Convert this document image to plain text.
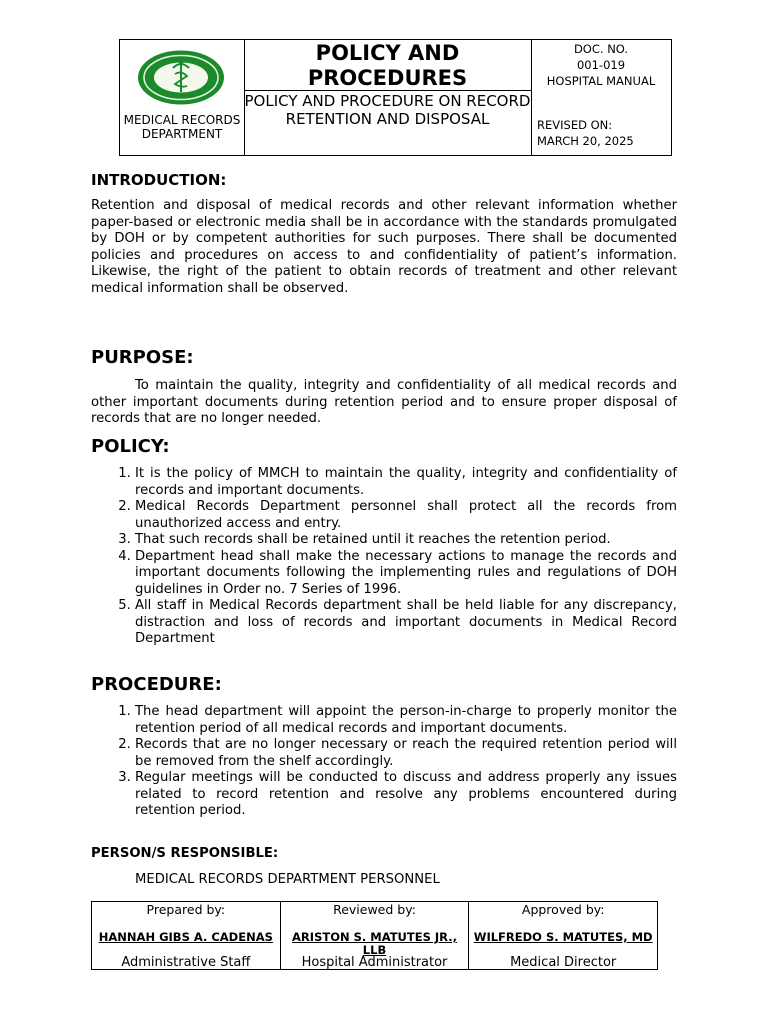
MEDICAL RECORDS DEPARTMENT
POLICY AND PROCEDURES
POLICY AND PROCEDURE ON RECORD RETENTION AND DISPOSAL
DOC. NO.
001-019
HOSPITAL MANUAL
REVISED ON:
MARCH 20, 2025
INTRODUCTION:
Retention and disposal of medical records and other relevant information whether paper-based or electronic media shall be in accordance with the standards promulgated by DOH or by competent authorities for such purposes. There shall be documented policies and procedures on access to and confidentiality of patient’s information. Likewise, the right of the patient to obtain records of treatment and other relevant medical information shall be observed.
PURPOSE:
To maintain the quality, integrity and confidentiality of all medical records and other important documents during retention period and to ensure proper disposal of records that are no longer needed.
POLICY:
1. It is the policy of MMCH to maintain the quality, integrity and confidentiality of records and important documents.
2. Medical Records Department personnel shall protect all the records from unauthorized access and entry.
3. That such records shall be retained until it reaches the retention period.
4. Department head shall make the necessary actions to manage the records and important documents following the implementing rules and regulations of DOH guidelines in Order no. 7 Series of 1996.
5. All staff in Medical Records department shall be held liable for any discrepancy, distraction and loss of records and important documents in Medical Record Department
PROCEDURE:
1. The head department will appoint the person-in-charge to properly monitor the retention period of all medical records and important documents.
2. Records that are no longer necessary or reach the required retention period will be removed from the shelf accordingly.
3. Regular meetings will be conducted to discuss and address properly any issues related to record retention and resolve any problems encountered during retention period.
PERSON/S RESPONSIBLE:
MEDICAL RECORDS DEPARTMENT PERSONNEL
Prepared by:
HANNAH GIBS A. CADENAS
Administrative Staff
Reviewed by:
ARISTON S. MATUTES JR., LLB
Hospital Administrator
Approved by:
WILFREDO S. MATUTES, MD
Medical Director
